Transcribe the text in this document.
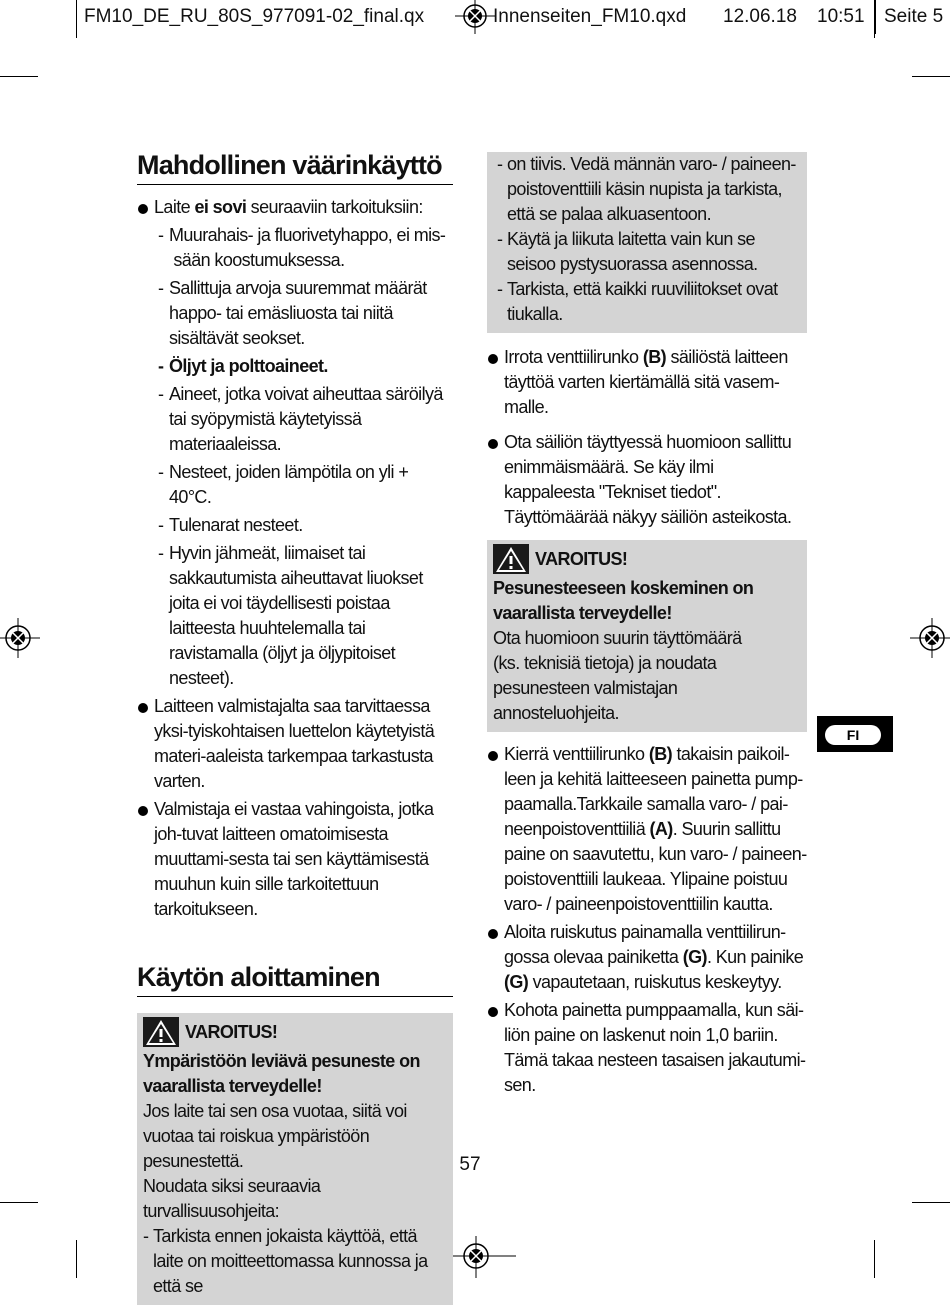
FM10_DE_RU_80S_977091-02_final.qx	Innenseiten_FM10.qxd 12.06.18 10:51 Seite 5
Mahdollinen väärinkäyttö

Laite ei sovi seuraaviin tarkoituksiin:

- Muurahais- ja fluorivetyhappo, ei mis- sään koostumuksessa.

- Sallittuja arvoja suuremmat määrät happo- tai emäsliuosta tai niitä sisältävät seokset.

- Öljyt ja polttoaineet.

- Aineet, jotka voivat aiheuttaa säröilyä tai syöpymistä käytetyissä materiaaleissa.

- Nesteet, joiden lämpötila on yli + 40°C.

- Tulenarat nesteet.

- Hyvin jähmeät, liimaiset tai sakkautumista aiheuttavat liuokset joita ei voi täydellisesti poistaa laitteesta huuhtelemalla tai ravistamalla (öljyt ja öljypitoiset nesteet).

Laitteen valmistajalta saa tarvittaessa yksi-tyiskohtaisen luettelon käytetyistä materi-aaleista tarkempaa tarkastusta varten.

Valmistaja ei vastaa vahingoista, jotka joh-tuvat laitteen omatoimisesta muuttami-sesta tai sen käyttämisestä muuhun kuin sille tarkoitettuun tarkoitukseen.

Käytön aloittaminen
VAROITUS!
Ympäristöön leviävä pesuneste on vaarallista terveydelle!
Jos laite tai sen osa vuotaa, siitä voi vuotaa tai roiskua ympäristöön pesunestettä.
Noudata siksi seuraavia turvallisuusohjeita:

- Tarkista ennen jokaista käyttöä, että laite on moitteettomassa kunnossa ja että se

- on tiivis. Vedä männän varo- / paineen-poistoventtiili käsin nupista ja tarkista, että se palaa alkuasentoon.

- Käytä ja liikuta laitetta vain kun se seisoo pystysuorassa asennossa.

- Tarkista, että kaikki ruuviliitokset ovat tiukalla.

Irrota venttiilirunko (B) säiliöstä laitteen täyttöä varten kiertämällä sitä vasem-malle.

Ota säiliön täyttyessä huomioon sallittu enimmäismäärä. Se käy ilmi kappaleesta "Tekniset tiedot". Täyttömäärää näkyy säiliön asteikosta.

VAROITUS!
Pesunesteeseen koskeminen on vaarallista terveydelle!
Ota huomioon suurin täyttömäärä
(ks. teknisiä tietoja) ja noudata pesunesteen valmistajan annosteluohjeita.

Kierrä venttiilirunko (B) takaisin paikoil-leen ja kehitä laitteeseen painetta pump-paamalla.Tarkkaile samalla varo- / pai-neenpoistoventtiiliä (A). Suurin sallittu paine on saavutettu, kun varo- / paineen-poistoventtiili laukeaa. Ylipaine poistuu varo- / paineenpoistoventtiilin kautta.

Aloita ruiskutus painamalla venttiilirun-gossa olevaa painiketta (G). Kun painike (G) vapautetaan, ruiskutus keskeytyy.

Kohota painetta pumppaamalla, kun säi-liön paine on laskenut noin 1,0 bariin. Tämä takaa nesteen tasaisen jakautumi-sen.

FI
57
